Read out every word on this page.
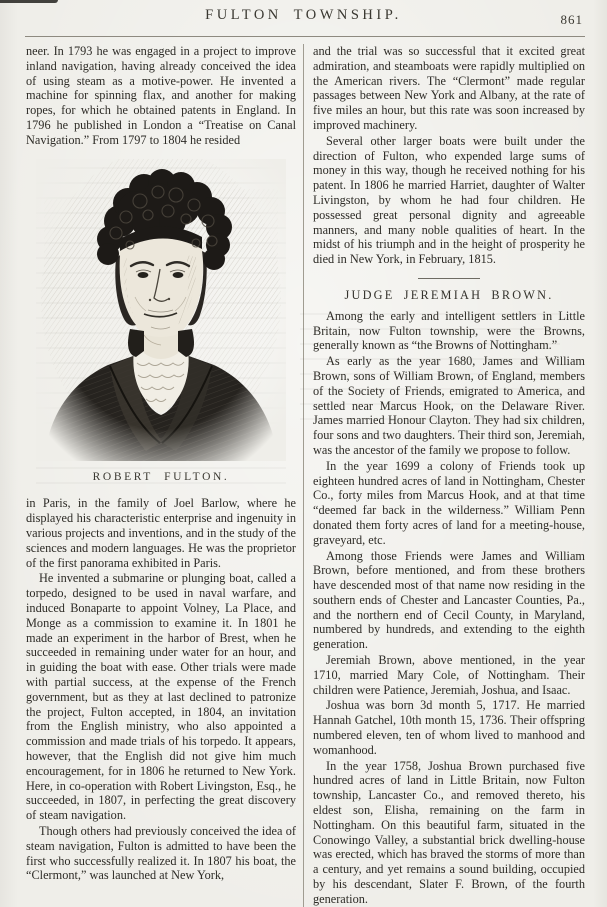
FULTON TOWNSHIP.	861

neer. In 1793 he was engaged in a project to improve inland navigation, having already conceived the idea of using steam as a motive-power. He invented a machine for spinning flax, and another for making ropes, for which he obtained patents in England. In 1796 he published in London a “Treatise on Canal Navigation.” From 1797 to 1804 he resided

ROBERT FULTON.

in Paris, in the family of Joel Barlow, where he displayed his characteristic enterprise and ingenuity in various projects and inventions, and in the study of the sciences and modern languages. He was the proprietor of the first panorama exhibited in Paris.

He invented a submarine or plunging boat, called a torpedo, designed to be used in naval warfare, and induced Bonaparte to appoint Volney, La Place, and Monge as a commission to examine it. In 1801 he made an experiment in the harbor of Brest, when he succeeded in remaining under water for an hour, and in guiding the boat with ease. Other trials were made with partial success, at the expense of the French government, but as they at last declined to patronize the project, Fulton accepted, in 1804, an invitation from the English ministry, who also appointed a commission and made trials of his torpedo. It appears, however, that the English did not give him much encouragement, for in 1806 he returned to New York. Here, in co-operation with Robert Livingston, Esq., he succeeded, in 1807, in perfecting the great discovery of steam navigation.

Though others had previously conceived the idea of steam navigation, Fulton is admitted to have been the first who successfully realized it. In 1807 his boat, the “Clermont,” was launched at New York,

and the trial was so successful that it excited great admiration, and steamboats were rapidly multiplied on the American rivers. The “Clermont” made regular passages between New York and Albany, at the rate of five miles an hour, but this rate was soon increased by improved machinery.

Several other larger boats were built under the direction of Fulton, who expended large sums of money in this way, though he received nothing for his patent. In 1806 he married Harriet, daughter of Walter Livingston, by whom he had four children. He possessed great personal dignity and agreeable manners, and many noble qualities of heart. In the midst of his triumph and in the height of prosperity he died in New York, in February, 1815.

JUDGE JEREMIAH BROWN.

Among the early and intelligent settlers in Little Britain, now Fulton township, were the Browns, generally known as “the Browns of Nottingham.”

As early as the year 1680, James and William Brown, sons of William Brown, of England, members of the Society of Friends, emigrated to America, and settled near Marcus Hook, on the Delaware River. James married Honour Clayton. They had six children, four sons and two daughters. Their third son, Jeremiah, was the ancestor of the family we propose to follow.

In the year 1699 a colony of Friends took up eighteen hundred acres of land in Nottingham, Chester Co., forty miles from Marcus Hook, and at that time “deemed far back in the wilderness.” William Penn donated them forty acres of land for a meeting-house, graveyard, etc.

Among those Friends were James and William Brown, before mentioned, and from these brothers have descended most of that name now residing in the southern ends of Chester and Lancaster Counties, Pa., and the northern end of Cecil County, in Maryland, numbered by hundreds, and extending to the eighth generation.

Jeremiah Brown, above mentioned, in the year 1710, married Mary Cole, of Nottingham. Their children were Patience, Jeremiah, Joshua, and Isaac.

Joshua was born 3d month 5, 1717. He married Hannah Gatchel, 10th month 15, 1736. Their offspring numbered eleven, ten of whom lived to manhood and womanhood.

In the year 1758, Joshua Brown purchased five hundred acres of land in Little Britain, now Fulton township, Lancaster Co., and removed thereto, his eldest son, Elisha, remaining on the farm in Nottingham. On this beautiful farm, situated in the Conowingo Valley, a substantial brick dwelling-house was erected, which has braved the storms of more than a century, and yet remains a sound building, occupied by his descendant, Slater F. Brown, of the fourth generation.
